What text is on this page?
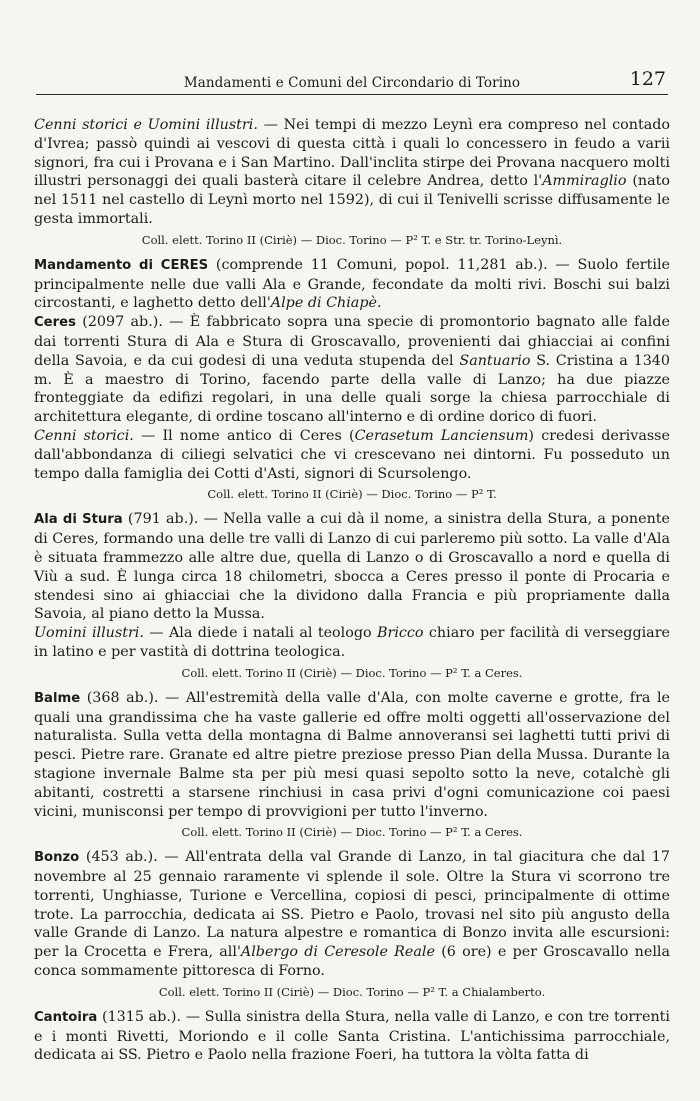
Mandamenti e Comuni del Circondario di Torino	127

Cenni storici e Uomini illustri. — Nei tempi di mezzo Leynì era compreso nel contado d'Ivrea; passò quindi ai vescovi di questa città i quali lo concessero in feudo a varii signori, fra cui i Provana e i San Martino. Dall'inclita stirpe dei Provana nacquero molti illustri personaggi dei quali basterà citare il celebre Andrea, detto l'Ammiraglio (nato nel 1511 nel castello di Leynì morto nel 1592), di cui il Tenivelli scrisse diffusamente le gesta immortali.

Coll. elett. Torino II (Ciriè) — Dioc. Torino — P² T. e Str. tr. Torino-Leynì.

Mandamento di CERES (comprende 11 Comuni, popol. 11,281 ab.). — Suolo fertile principalmente nelle due valli Ala e Grande, fecondate da molti rivi. Boschi sui balzi circostanti, e laghetto detto dell'Alpe di Chiapè.

Ceres (2097 ab.). — È fabbricato sopra una specie di promontorio bagnato alle falde dai torrenti Stura di Ala e Stura di Groscavallo, provenienti dai ghiacciai ai confini della Savoia, e da cui godesi di una veduta stupenda del Santuario S. Cristina a 1340 m. È a maestro di Torino, facendo parte della valle di Lanzo; ha due piazze fronteggiate da edifizi regolari, in una delle quali sorge la chiesa parrocchiale di architettura elegante, di ordine toscano all'interno e di ordine dorico di fuori.

Cenni storici. — Il nome antico di Ceres (Cerasetum Lanciensum) credesi derivasse dall'abbondanza di ciliegi selvatici che vi crescevano nei dintorni. Fu posseduto un tempo dalla famiglia dei Cotti d'Asti, signori di Scursolengo.

Coll. elett. Torino II (Ciriè) — Dioc. Torino — P² T.

Ala di Stura (791 ab.). — Nella valle a cui dà il nome, a sinistra della Stura, a ponente di Ceres, formando una delle tre valli di Lanzo di cui parleremo più sotto. La valle d'Ala è situata frammezzo alle altre due, quella di Lanzo o di Groscavallo a nord e quella di Viù a sud. È lunga circa 18 chilometri, sbocca a Ceres presso il ponte di Procaria e stendesi sino ai ghiacciai che la dividono dalla Francia e più propriamente dalla Savoia, al piano detto la Mussa.

Uomini illustri. — Ala diede i natali al teologo Bricco chiaro per facilità di verseggiare in latino e per vastità di dottrina teologica.

Coll. elett. Torino II (Ciriè) — Dioc. Torino — P² T. a Ceres.

Balme (368 ab.). — All'estremità della valle d'Ala, con molte caverne e grotte, fra le quali una grandissima che ha vaste gallerie ed offre molti oggetti all'osservazione del naturalista. Sulla vetta della montagna di Balme annoveransi sei laghetti tutti privi di pesci. Pietre rare. Granate ed altre pietre preziose presso Pian della Mussa. Durante la stagione invernale Balme sta per più mesi quasi sepolto sotto la neve, cotalchè gli abitanti, costretti a starsene rinchiusi in casa privi d'ogni comunicazione coi paesi vicini, munisconsi per tempo di provvigioni per tutto l'inverno.

Coll. elett. Torino II (Ciriè) — Dioc. Torino — P² T. a Ceres.

Bonzo (453 ab.). — All'entrata della val Grande di Lanzo, in tal giacitura che dal 17 novembre al 25 gennaio raramente vi splende il sole. Oltre la Stura vi scorrono tre torrenti, Unghiasse, Turione e Vercellina, copiosi di pesci, principalmente di ottime trote. La parrocchia, dedicata ai SS. Pietro e Paolo, trovasi nel sito più angusto della valle Grande di Lanzo. La natura alpestre e romantica di Bonzo invita alle escursioni: per la Crocetta e Frera, all'Albergo di Ceresole Reale (6 ore) e per Groscavallo nella conca sommamente pittoresca di Forno.

Coll. elett. Torino II (Ciriè) — Dioc. Torino — P² T. a Chialamberto.

Cantoira (1315 ab.). — Sulla sinistra della Stura, nella valle di Lanzo, e con tre torrenti e i monti Rivetti, Moriondo e il colle Santa Cristina. L'antichissima parrocchiale, dedicata ai SS. Pietro e Paolo nella frazione Foeri, ha tuttora la vòlta fatta di
